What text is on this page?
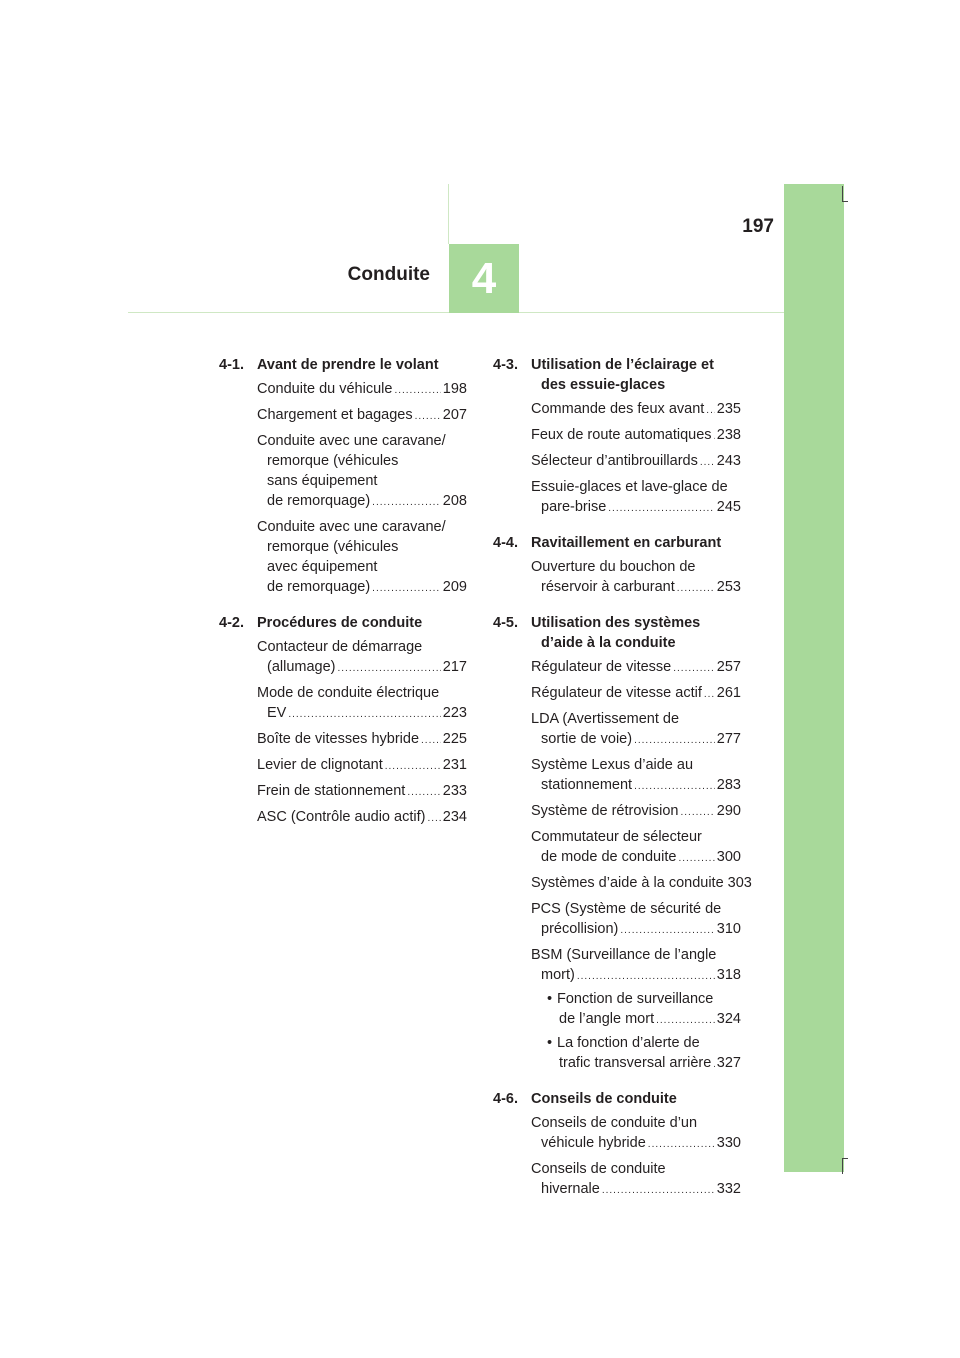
4
197
Conduite
4-1. Avant de prendre le volant
Conduite du véhicule .....	198
Chargement et bagages ..... 207
Conduite avec une caravane/
remorque (véhicules
sans équipement
de remorquage) .....	208
Conduite avec une caravane/
remorque (véhicules
avec équipement
de remorquage) .....	209
4-2. Procédures de conduite
Contacteur de démarrage
(allumage) .....	217
Mode de conduite électrique
EV .....	223
Boîte de vitesses hybride ..... 225
Levier de clignotant .....	231
Frein de stationnement .....	233
ASC (Contrôle audio actif) ..... 234
4-3. Utilisation de l’éclairage et
des essuie-glaces
Commande des feux avant ..... 235
Feux de route automatiques ..... 238
Sélecteur d’antibrouillards ..... 243
Essuie-glaces et lave-glace de
pare-brise .....	245
4-4. Ravitaillement en carburant
Ouverture du bouchon de
réservoir à carburant .....	253
4-5. Utilisation des systèmes
d’aide à la conduite
Régulateur de vitesse .....	257
Régulateur de vitesse actif ..... 261
LDA (Avertissement de
sortie de voie) .....	277
Système Lexus d’aide au
stationnement .....	283
Système de rétrovision .....	290
Commutateur de sélecteur
de mode de conduite .....	300
Systèmes d’aide à la conduite 303
PCS (Système de sécurité de
précollision) .....	310
BSM (Surveillance de l’angle
mort) .....	318
• Fonction de surveillance
de l’angle mort .....	324
• La fonction d’alerte de
trafic transversal arrière ..... 327
4-6. Conseils de conduite
Conseils de conduite d’un
véhicule hybride .....	330
Conseils de conduite
hivernale .....	332
